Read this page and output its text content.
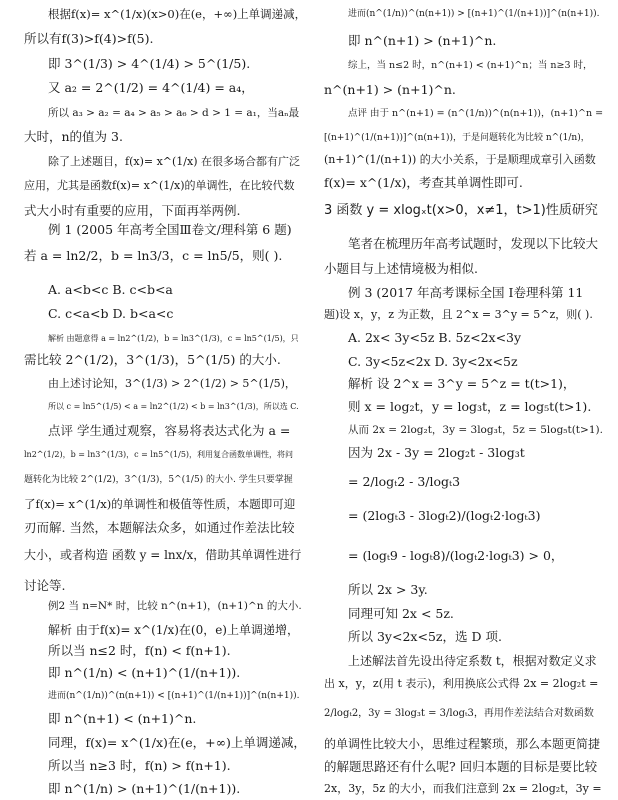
根据f(x)= x^(1/x)(x>0)在(e，+∞)上单调递减，
所以有f(3)>f(4)>f(5).
即 3^(1/3) > 4^(1/4) > 5^(1/5).
又 a₂ = 2^(1/2) = 4^(1/4) = a₄，
所以 a₃ > a₂ = a₄ > a₅ > a₆ > d > 1 = a₁，当aₙ最
大时，n的值为 3.
除了上述题目，f(x)= x^(1/x) 在很多场合都有广泛
应用，尤其是函数f(x)= x^(1/x)的单调性，在比较代数
式大小时有重要的应用，下面再举两例.
例 1 (2005 年高考全国Ⅲ卷文/理科第 6 题)
若 a = ln2/2，b = ln3/3，c = ln5/5，则( ).
A. a<b<c B. c<b<a
C. c<a<b D. b<a<c
解析 由题意得 a = ln2^(1/2)，b = ln3^(1/3)，c = ln5^(1/5)，只
需比较 2^(1/2)，3^(1/3)，5^(1/5) 的大小.
由上述讨论知，3^(1/3) > 2^(1/2) > 5^(1/5)，
所以 c = ln5^(1/5) < a = ln2^(1/2) < b = ln3^(1/3)，所以选 C.
点评 学生通过观察，容易将表达式化为 a =
ln2^(1/2)，b = ln3^(1/3)，c = ln5^(1/5)，利用复合函数单调性，将问
题转化为比较 2^(1/2)，3^(1/3)，5^(1/5) 的大小. 学生只要掌握
了f(x)= x^(1/x)的单调性和极值等性质，本题即可迎
刃而解. 当然，本题解法众多，如通过作差法比较
大小，或者构造 函数 y = lnx/x，借助其单调性进行
讨论等.
例2 当 n=N* 时，比较 n^(n+1)，(n+1)^n 的大小.
解析 由于f(x)= x^(1/x)在(0，e)上单调递增，
所以当 n≤2 时，f(n) < f(n+1).
即 n^(1/n) < (n+1)^(1/(n+1)).
进而(n^(1/n))^(n(n+1)) < [(n+1)^(1/(n+1))]^(n(n+1)).
即 n^(n+1) < (n+1)^n.
同理，f(x)= x^(1/x)在(e，+∞)上单调递减，
所以当 n≥3 时，f(n) > f(n+1).
即 n^(1/n) > (n+1)^(1/(n+1)).
进而(n^(1/n))^(n(n+1)) > [(n+1)^(1/(n+1))]^(n(n+1)).
即 n^(n+1) > (n+1)^n.
综上，当 n≤2 时，n^(n+1) < (n+1)^n；当 n≥3 时，
n^(n+1) > (n+1)^n.
点评 由于 n^(n+1) = (n^(1/n))^(n(n+1))，(n+1)^n =
[(n+1)^(1/(n+1))]^(n(n+1))，于是问题转化为比较 n^(1/n)，
(n+1)^(1/(n+1)) 的大小关系，于是顺理成章引入函数
f(x)= x^(1/x)，考查其单调性即可.
3 函数 y = xlogₓt(x>0，x≠1，t>1)性质研究
笔者在梳理历年高考试题时，发现以下比较大
小题目与上述情境极为相似.
例 3 (2017 年高考课标全国 Ⅰ卷理科第 11
题)设 x，y，z 为正数，且 2^x = 3^y = 5^z，则( ).
A. 2x< 3y<5z B. 5z<2x<3y
C. 3y<5z<2x D. 3y<2x<5z
解析 设 2^x = 3^y = 5^z = t(t>1)，
则 x = log₂t，y = log₃t，z = log₅t(t>1).
从而 2x = 2log₂t，3y = 3log₃t，5z = 5log₅t(t>1).
因为 2x - 3y = 2log₂t - 3log₃t
= 2/logₜ2 - 3/logₜ3
= (2logₜ3 - 3logₜ2)/(logₜ2·logₜ3)
= (logₜ9 - logₜ8)/(logₜ2·logₜ3) > 0，
所以 2x > 3y.
同理可知 2x < 5z.
所以 3y<2x<5z，选 D 项.
上述解法首先设出待定系数 t，根据对数定义求
出 x，y，z(用 t 表示)，利用换底公式得 2x = 2log₂t =
2/logₜ2，3y = 3log₃t = 3/logₜ3，再用作差法结合对数函数
的单调性比较大小，思维过程繁琐，那么本题更简捷
的解题思路还有什么呢? 回归本题的目标是要比较
2x，3y，5z 的大小，而我们注意到 2x = 2log₂t，3y =
